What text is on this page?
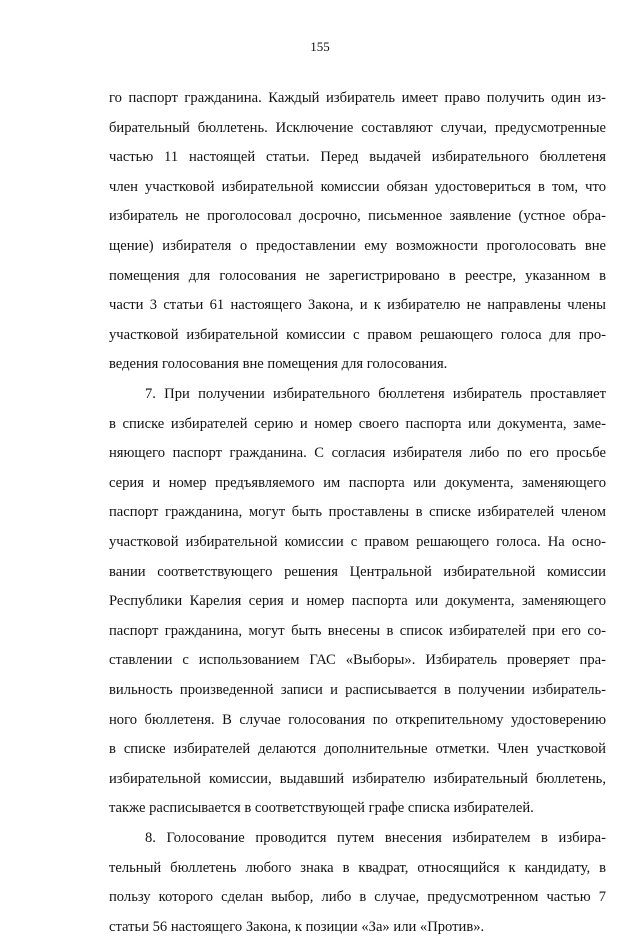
155
го паспорт гражданина. Каждый избиратель имеет право получить один из-
бирательный бюллетень. Исключение составляют случаи, предусмотренные
частью 11 настоящей статьи. Перед выдачей избирательного бюллетеня
член участковой избирательной комиссии обязан удостовериться в том, что
избиратель не проголосовал досрочно, письменное заявление (устное обра-
щение) избирателя о предоставлении ему возможности проголосовать вне
помещения для голосования не зарегистрировано в реестре, указанном в
части 3 статьи 61 настоящего Закона, и к избирателю не направлены члены
участковой избирательной комиссии с правом решающего голоса для про-
ведения голосования вне помещения для голосования.
7. При получении избирательного бюллетеня избиратель проставляет
в списке избирателей серию и номер своего паспорта или документа, заме-
няющего паспорт гражданина. С согласия избирателя либо по его просьбе
серия и номер предъявляемого им паспорта или документа, заменяющего
паспорт гражданина, могут быть проставлены в списке избирателей членом
участковой избирательной комиссии с правом решающего голоса. На осно-
вании соответствующего решения Центральной избирательной комиссии
Республики Карелия серия и номер паспорта или документа, заменяющего
паспорт гражданина, могут быть внесены в список избирателей при его со-
ставлении с использованием ГАС «Выборы». Избиратель проверяет пра-
вильность произведенной записи и расписывается в получении избиратель-
ного бюллетеня. В случае голосования по открепительному удостоверению
в списке избирателей делаются дополнительные отметки. Член участковой
избирательной комиссии, выдавший избирателю избирательный бюллетень,
также расписывается в соответствующей графе списка избирателей.
8. Голосование проводится путем внесения избирателем в избира-
тельный бюллетень любого знака в квадрат, относящийся к кандидату, в
пользу которого сделан выбор, либо в случае, предусмотренном частью 7
статьи 56 настоящего Закона, к позиции «За» или «Против».
